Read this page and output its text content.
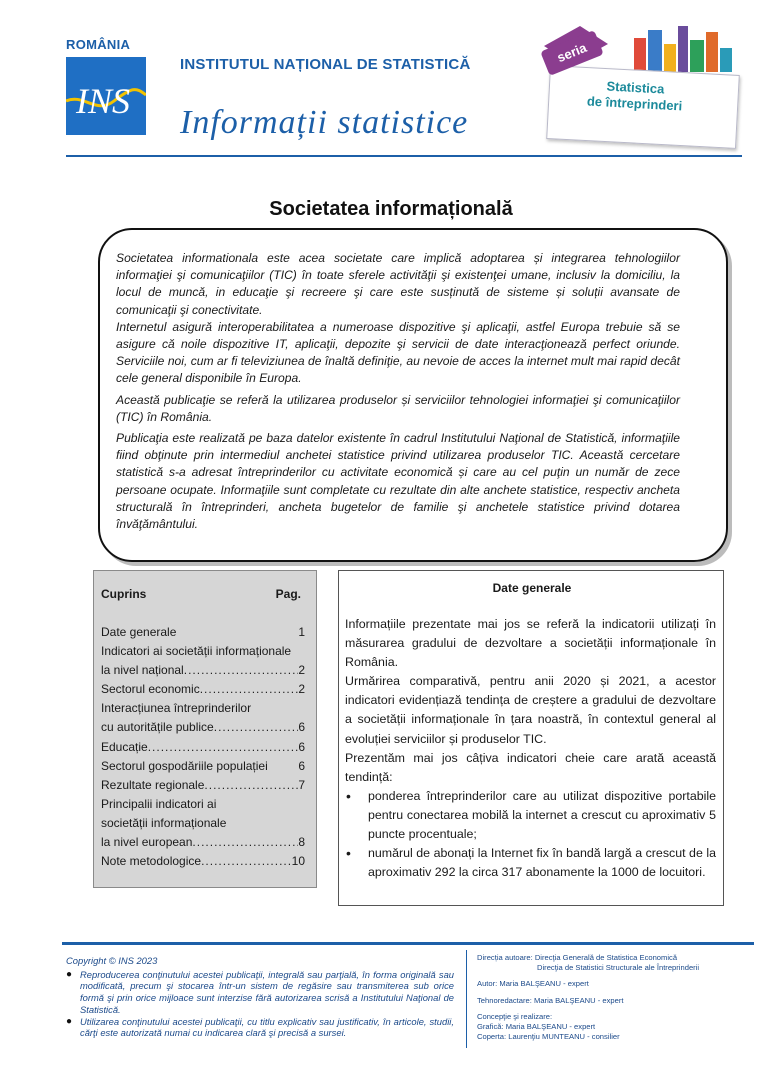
ROMÂNIA
INS
INSTITUTUL NAȚIONAL DE STATISTICĂ
Informații statistice
seria
Statistica
de întreprinderi
Societatea informațională

Societatea informationala este acea societate care implică adoptarea și integrarea tehnologiilor informaţiei şi comunicaţiilor (TIC) în toate sferele activităţii şi existenţei umane, inclusiv la domiciliu, la locul de muncă, in educaţie şi recreere şi care este susținută de sisteme și soluții avansate de comunicaţii şi conectivitate.
Internetul asigură interoperabilitatea a numeroase dispozitive şi aplicaţii, astfel Europa trebuie să se asigure că noile dispozitive IT, aplicaţii, depozite şi servicii de date interacţionează perfect oriunde. Serviciile noi, cum ar fi televiziunea de înaltă definiţie, au nevoie de acces la internet mult mai rapid decât cele general disponibile în Europa.

Această publicaţie se referă la utilizarea produselor și serviciilor tehnologiei informaţiei şi comunicaţiilor (TIC) în România.

Publicaţia este realizată pe baza datelor existente în cadrul Institutului Naţional de Statistică, informaţiile fiind obţinute prin intermediul anchetei statistice privind utilizarea produselor TIC. Această cercetare statistică s-a adresat întreprinderilor cu activitate economică și care au cel puţin un număr de zece persoane ocupate. Informaţiile sunt completate cu rezultate din alte anchete statistice, respectiv ancheta structurală în întreprinderi, ancheta bugetelor de familie şi anchetele statistice privind dotarea învăţământului.

Cuprins	Pag.
Date generale	1
Indicatori ai societății informaționale
la nivel național .....	2
Sectorul economic .....	2
Interacțiunea întreprinderilor
cu autoritățile publice .....	6
Educație .....	6
Sectorul gospodăriile populației	6
Rezultate regionale .....	7
Principalii indicatori ai
societății informaționale
la nivel european .....	8
Note metodologice .....	10
Date generale

Informațiile prezentate mai jos se referă la indicatorii utilizați în măsurarea gradului de dezvoltare a societății informaționale în România.

Urmărirea comparativă, pentru anii 2020 și 2021, a acestor indicatori evidențiază tendința de creștere a gradului de dezvoltare a societății informaționale în țara noastră, în contextul general al evoluției serviciilor și produselor TIC.

Prezentăm mai jos câțiva indicatori cheie care arată această tendință:

• ponderea întreprinderilor care au utilizat dispozitive portabile pentru conectarea mobilă la internet a crescut cu aproximativ 5 puncte procentuale;
• numărul de abonați la Internet fix în bandă largă a crescut de la aproximativ 292 la circa 317 abonamente la 1000 de locuitori.
Copyright © INS 2023
● Reproducerea conţinutului acestei publicaţii, integrală sau parţială, în forma originală sau modificată, precum şi stocarea într-un sistem de regăsire sau transmiterea sub orice formă şi prin orice mijloace sunt interzise fără autorizarea scrisă a Institutului Naţional de Statistică.
● Utilizarea conţinutului acestei publicaţii, cu titlu explicativ sau justificativ, în articole, studii, cărţi este autorizată numai cu indicarea clară şi precisă a sursei.
Direcția autoare: Direcţia Generală de Statistica Economică
Direcţia de Statistici Structurale ale Întreprinderii
Autor: Maria BALŞEANU - expert
Tehnoredactare: Maria BALŞEANU - expert
Concepţie şi realizare:
Grafică: Maria BALŞEANU - expert
Coperta: Laurenţiu MUNTEANU - consilier
